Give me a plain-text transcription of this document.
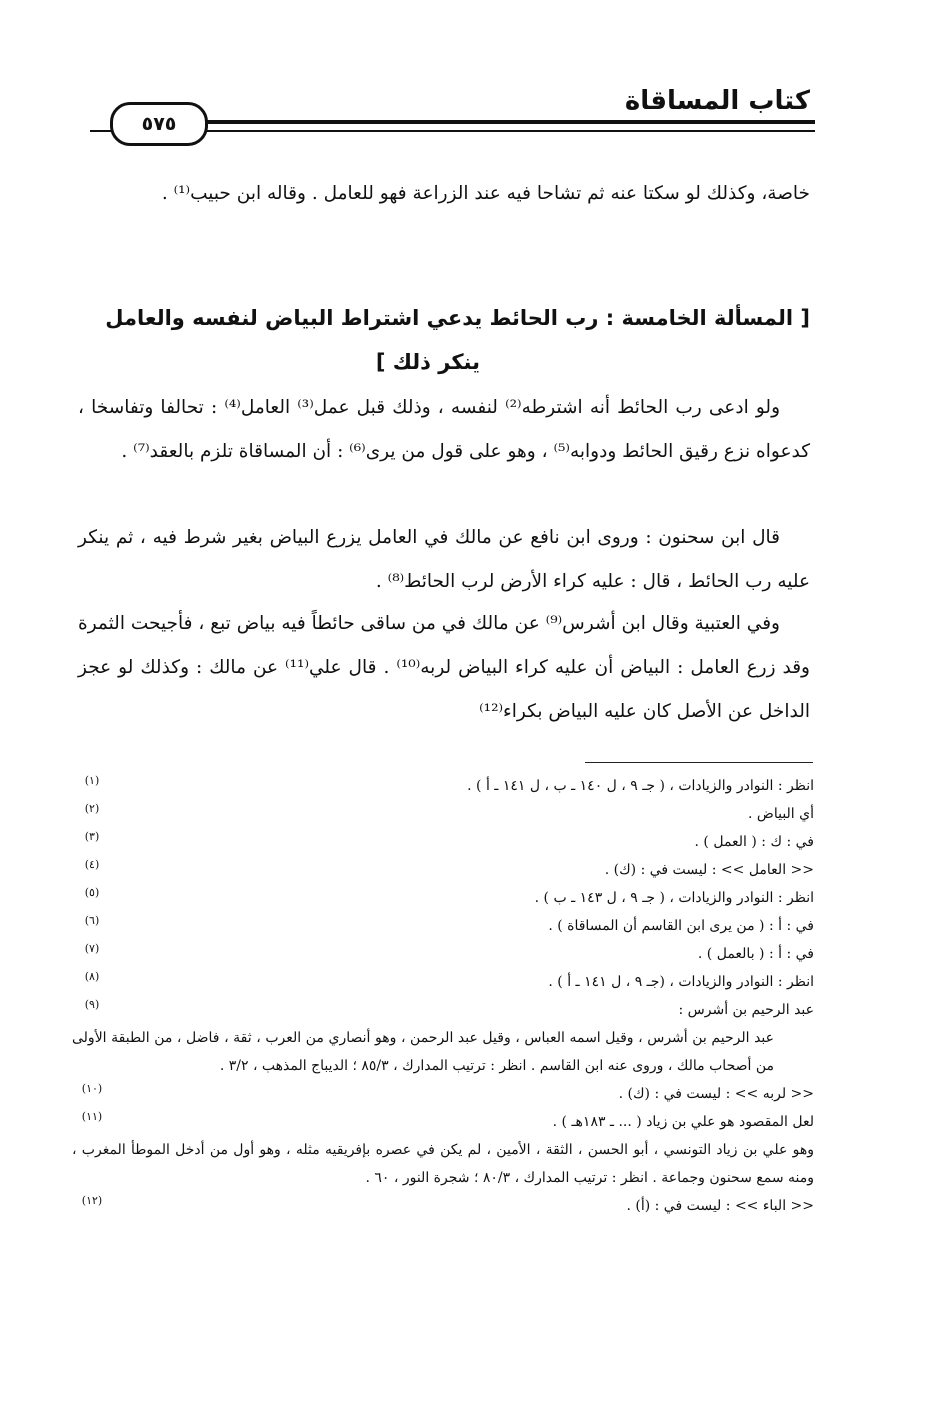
كتاب المساقاة
٥٧٥
خاصة، وكذلك لو سكتا عنه ثم تشاحا فيه عند الزراعة فهو للعامل . وقاله ابن حبيب⁽¹⁾ .
[ المسألة الخامسة : رب الحائط يدعي اشتراط البياض لنفسه والعامل
ينكر ذلك ]
ولو ادعى رب الحائط أنه اشترطه⁽²⁾ لنفسه ، وذلك قبل عمل⁽³⁾ العامل⁽⁴⁾ : تحالفا وتفاسخا ، كدعواه نزع رقيق الحائط ودوابه⁽⁵⁾ ، وهو على قول من يرى⁽⁶⁾ : أن المساقاة تلزم بالعقد⁽⁷⁾ .
قال ابن سحنون : وروى ابن نافع عن مالك في العامل يزرع البياض بغير شرط فيه ، ثم ينكر عليه رب الحائط ، قال : عليه كراء الأرض لرب الحائط⁽⁸⁾ .
وفي العتبية وقال ابن أشرس⁽⁹⁾ عن مالك في من ساقى حائطاً فيه بياض تبع ، فأجيحت الثمرة وقد زرع العامل : البياض أن عليه كراء البياض لربه⁽¹⁰⁾ . قال علي⁽¹¹⁾ عن مالك : وكذلك لو عجز الداخل عن الأصل كان عليه البياض بكراء⁽¹²⁾
(١)	انظر : النوادر والزيادات ، ( جـ ٩ ، ل ١٤٠ ـ ب ، ل ١٤١ ـ أ ) .
(٢)	أي البياض .
(٣)	في : ك : ( العمل ) .
(٤)	<< العامل >> : ليست في : (ك) .
(٥)	انظر : النوادر والزيادات ، ( جـ ٩ ، ل ١٤٣ ـ ب ) .
(٦)	في : أ : ( من يرى ابن القاسم أن المساقاة ) .
(٧)	في : أ : ( بالعمل ) .
(٨)	انظر : النوادر والزيادات ، (جـ ٩ ، ل ١٤١ ـ أ ) .
(٩)	عبد الرحيم بن أشرس :
عبد الرحيم بن أشرس ، وقيل اسمه العباس ، وقيل عبد الرحمن ، وهو أنصاري من العرب ، ثقة ، فاضل ، من الطبقة الأولى من أصحاب مالك ، وروى عنه ابن القاسم . انظر : ترتيب المدارك ، ٨٥/٣ ؛ الديباج المذهب ، ٣/٢ .
(١٠)	<< لربه >> : ليست في : (ك) .
(١١)	لعل المقصود هو علي بن زياد ( ... ـ ١٨٣هـ ) .
وهو علي بن زياد التونسي ، أبو الحسن ، الثقة ، الأمين ، لم يكن في عصره بإفريقيه مثله ، وهو أول من أدخل الموطأ المغرب ، ومنه سمع سحنون وجماعة . انظر : ترتيب المدارك ، ٨٠/٣ ؛ شجرة النور ، ٦٠ .
(١٢)	<< الباء >> : ليست في : (أ) .
